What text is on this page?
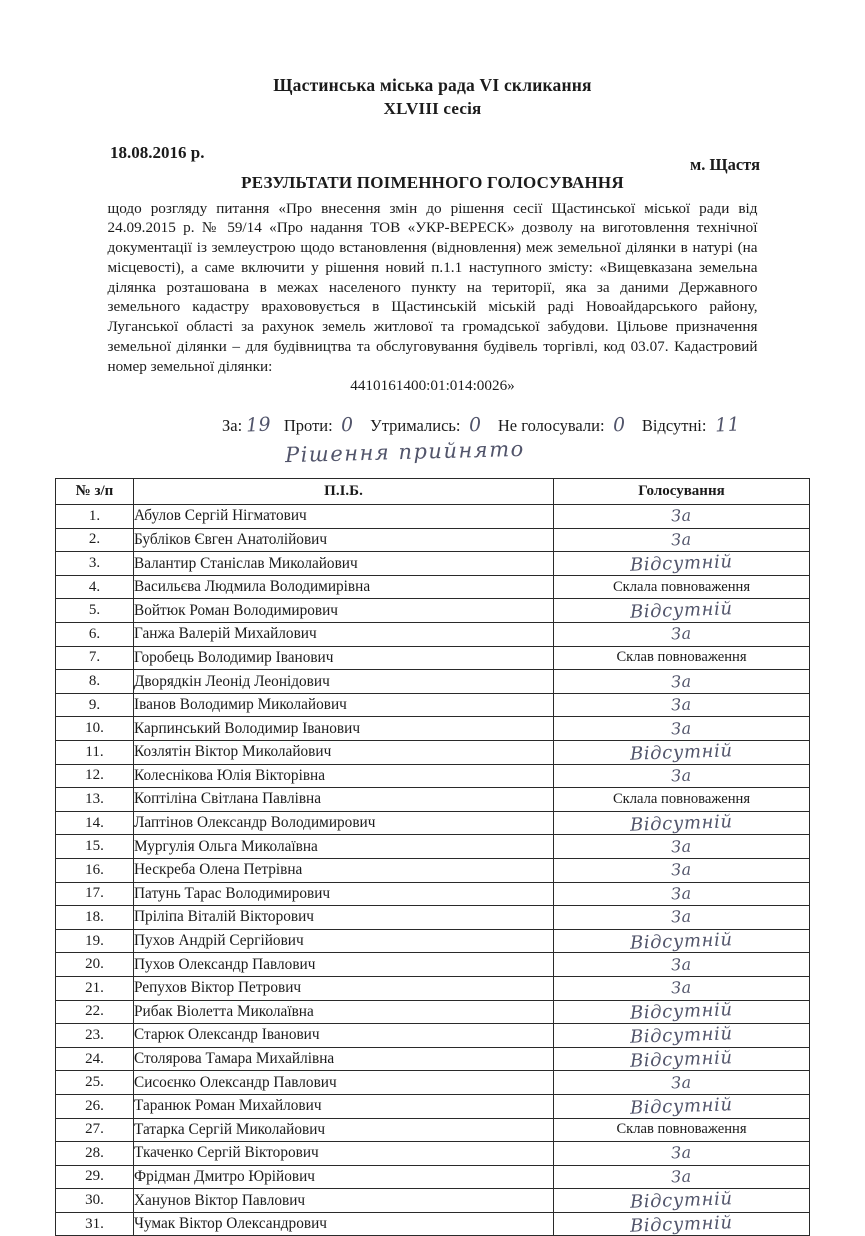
Щастинська міська рада VI скликання
XLVIII сесія
18.08.2016 р.
м. Щастя
РЕЗУЛЬТАТИ ПОІМЕННОГО ГОЛОСУВАННЯ
щодо розгляду питання «Про внесення змін до рішення сесії Щастинської міської ради від 24.09.2015 р. № 59/14 «Про надання ТОВ «УКР-ВЕРЕСК» дозволу на виготовлення технічної документації із землеустрою щодо встановлення (відновлення) меж земельної ділянки в натурі (на місцевості), а саме включити у рішення новий п.1.1 наступного змісту: «Вищевказана земельна ділянка розташована в межах населеного пункту на території, яка за даними Державного земельного кадастру врахововується в Щастинській міській раді Новоайдарського району, Луганської області за рахунок земель житлової та громадської забудови. Цільове призначення земельної ділянки – для будівництва та обслуговування будівель торгівлі, код 03.07. Кадастровий номер земельної ділянки:
4410161400:01:014:0026»
За: 19 Проти: 0 Утримались: 0 Не голосували: 0 Відсутні: 11
Рішення прийнято
№ з/п	П.І.Б.	Голосування
1.	Абулов Сергій Нігматович	За
2.	Бубліков Євген Анатолійович	За
3.	Валантир Станіслав Миколайович	Відсутній
4.	Васильєва Людмила Володимирівна	Склала повноваження
5.	Войтюк Роман Володимирович	Відсутній
6.	Ганжа Валерій Михайлович	За
7.	Горобець Володимир Іванович	Склав повноваження
8.	Дворядкін Леонід Леонідович	За
9.	Іванов Володимир Миколайович	За
10.	Карпинський Володимир Іванович	За
11.	Козлятін Віктор Миколайович	Відсутній
12.	Колеснікова Юлія Вікторівна	За
13.	Коптіліна Світлана Павлівна	Склала повноваження
14.	Лаптінов Олександр Володимирович	Відсутній
15.	Мургулія Ольга Миколаївна	За
16.	Нескреба Олена Петрівна	За
17.	Патунь Тарас Володимирович	За
18.	Пріліпа Віталій Вікторович	За
19.	Пухов Андрій Сергійович	Відсутній
20.	Пухов Олександр Павлович	За
21.	Репухов Віктор Петрович	За
22.	Рибак Віолетта Миколаївна	Відсутній
23.	Старюк Олександр Іванович	Відсутній
24.	Столярова Тамара Михайлівна	Відсутній
25.	Сисоєнко Олександр Павлович	За
26.	Таранюк Роман Михайлович	Відсутній
27.	Татарка Сергій Миколайович	Склав повноваження
28.	Ткаченко Сергій Вікторович	За
29.	Фрідман Дмитро Юрійович	За
30.	Ханунов Віктор Павлович	Відсутній
31.	Чумак Віктор Олександрович	Відсутній
